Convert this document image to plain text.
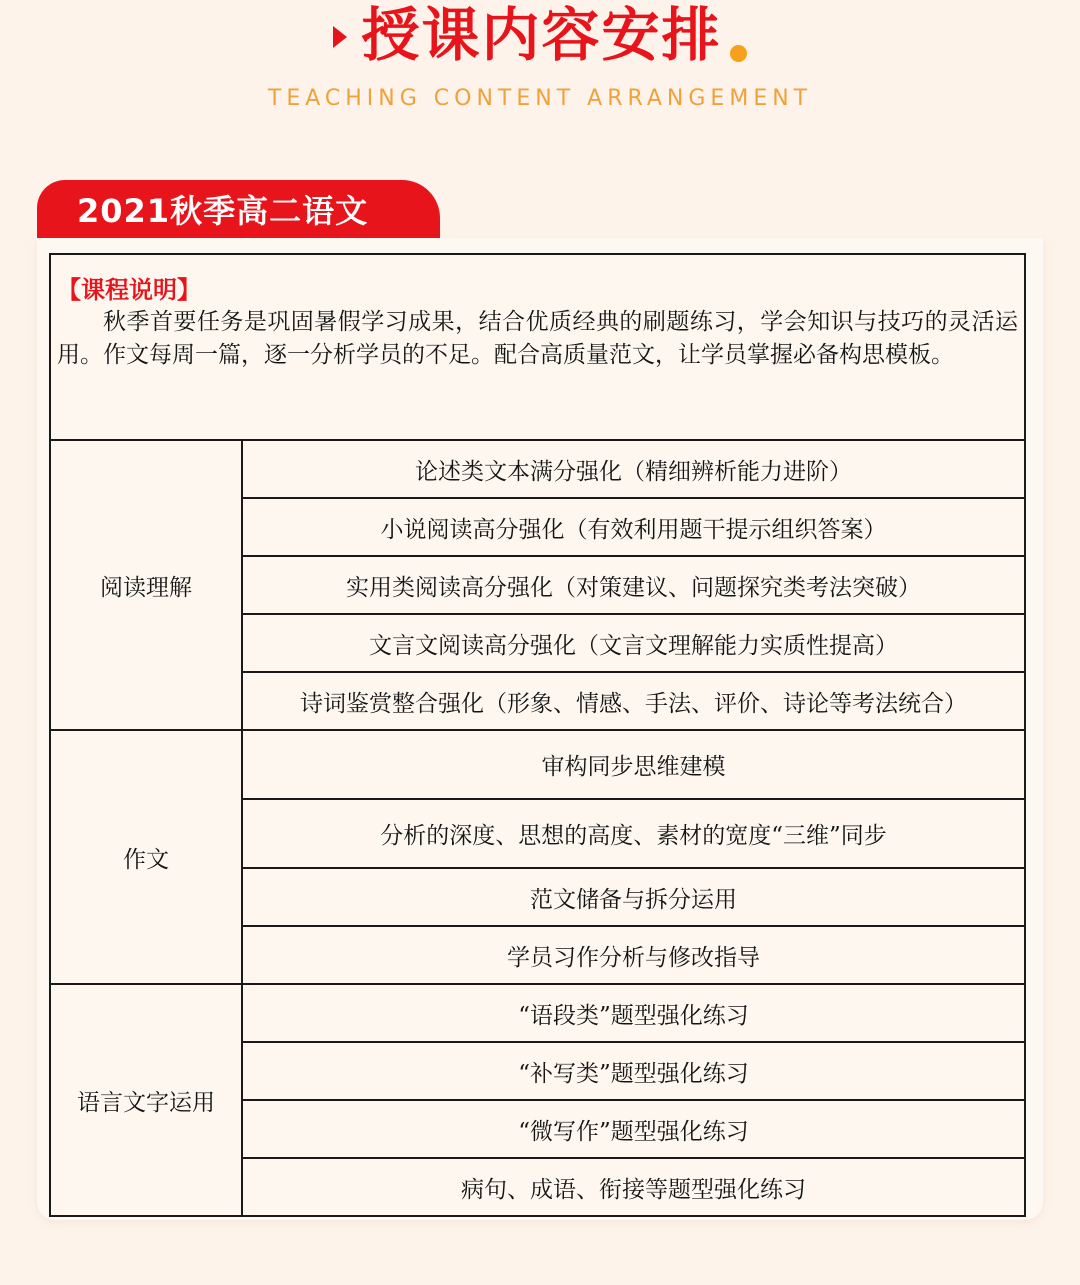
授课内容安排
TEACHING CONTENT ARRANGEMENT
2021秋季高二语文
【课程说明】
秋季首要任务是巩固暑假学习成果，结合优质经典的刷题练习，学会知识与技巧的灵活运用。作文每周一篇，逐一分析学员的不足。配合高质量范文，让学员掌握必备构思模板。	

阅读理解	论述类文本满分强化（精细辨析能力进阶）
	小说阅读高分强化（有效利用题干提示组织答案）
	实用类阅读高分强化（对策建议、问题探究类考法突破）
	文言文阅读高分强化（文言文理解能力实质性提高）
	诗词鉴赏整合强化（形象、情感、手法、评价、诗论等考法统合）
作文	审构同步思维建模
	分析的深度、思想的高度、素材的宽度“三维”同步
	范文储备与拆分运用
	学员习作分析与修改指导
语言文字运用	“语段类”题型强化练习
	“补写类”题型强化练习
	“微写作”题型强化练习
	病句、成语、衔接等题型强化练习
